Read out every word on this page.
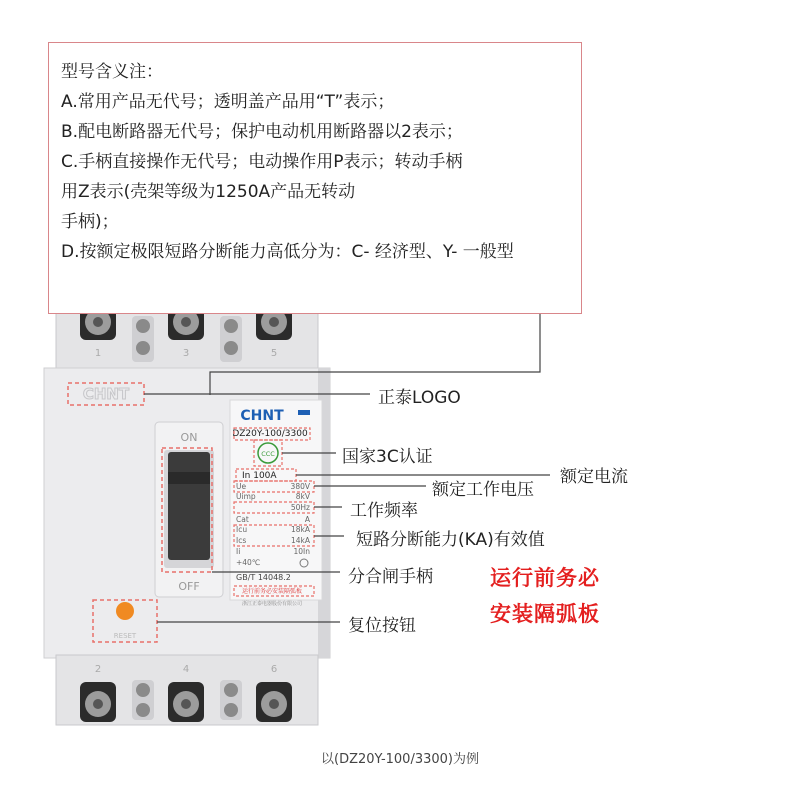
1	3	5
CHNT
ON
OFF
CHNT
DZ20Y-100/3300
CCC
In 100A
Ue	380V
Uimp	8kV
50Hz
Cat	A
Icu	18kA
Ics	14kA
Ii	10In
+40℃
GB/T 14048.2
运行前务必安装隔弧板
浙江正泰电器股份有限公司
RESET
2	4	6
型号含义注：
A.常用产品无代号；透明盖产品用“T”表示；
B.配电断路器无代号；保护电动机用断路器以2表示；
C.手柄直接操作无代号；电动操作用P表示；转动手柄
用Z表示(壳架等级为1250A产品无转动
手柄)；
D.按额定极限短路分断能力高低分为：C- 经济型、Y- 一般型
正泰LOGO
国家3C认证
额定电流
额定工作电压
工作频率
短路分断能力(KA)有效值
分合闸手柄
复位按钮
运行前务必
安装隔弧板
以(DZ20Y-100/3300)为例
